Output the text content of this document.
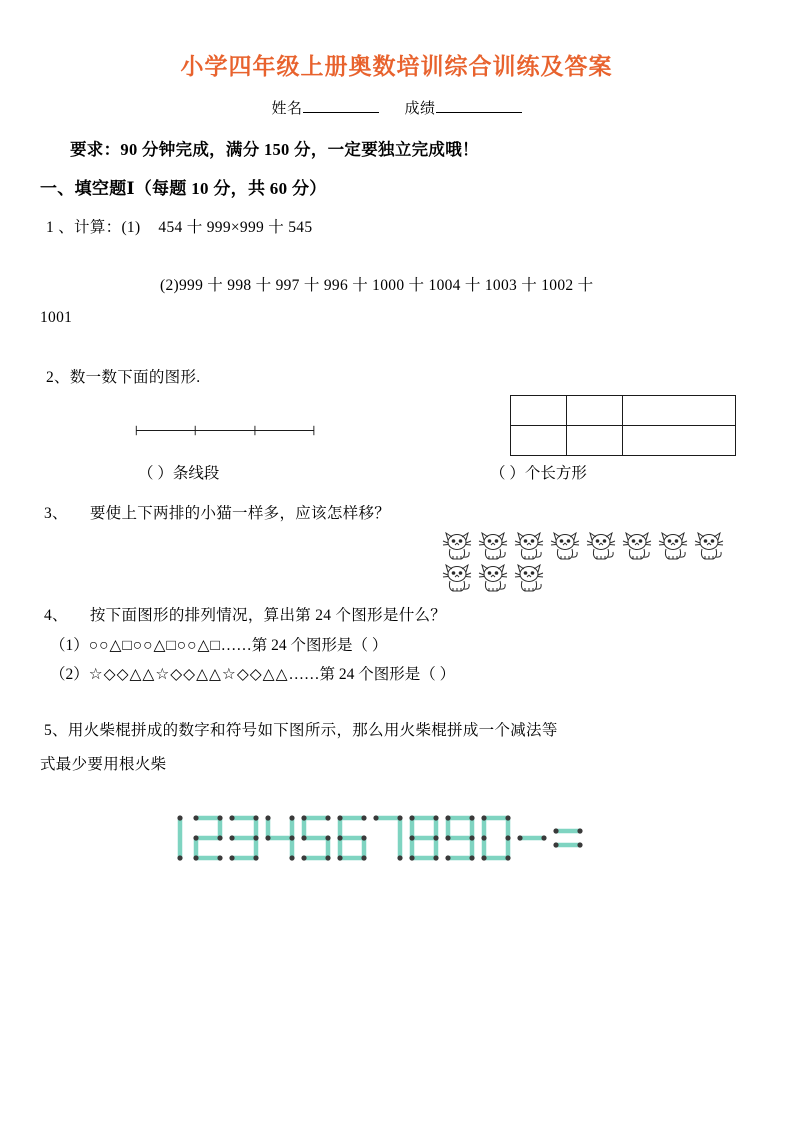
小学四年级上册奥数培训综合训练及答案
姓名	成绩
要求：90 分钟完成，满分 150 分，一定要独立完成哦！
一、填空题Ⅰ（每题 10 分，共 60 分）
1 、计算：(1) 454 十 999×999 十 545
(2)999 十 998 十 997 十 996 十 1000 十 1004 十 1003 十 1002 十
1001
2、数一数下面的图形.

（ ）条线段	（ ）个长方形
3、 要使上下两排的小猫一样多，应该怎样移？
4、 按下面图形的排列情况，算出第 24 个图形是什么？
（1）○○△□○○△□○○△□……第 24 个图形是（ ）
（2）☆◇◇△△☆◇◇△△☆◇◇△△……第 24 个图形是（ ）
5、用火柴棍拼成的数字和符号如下图所示，那么用火柴棍拼成一个减法等
式最少要用根火柴
